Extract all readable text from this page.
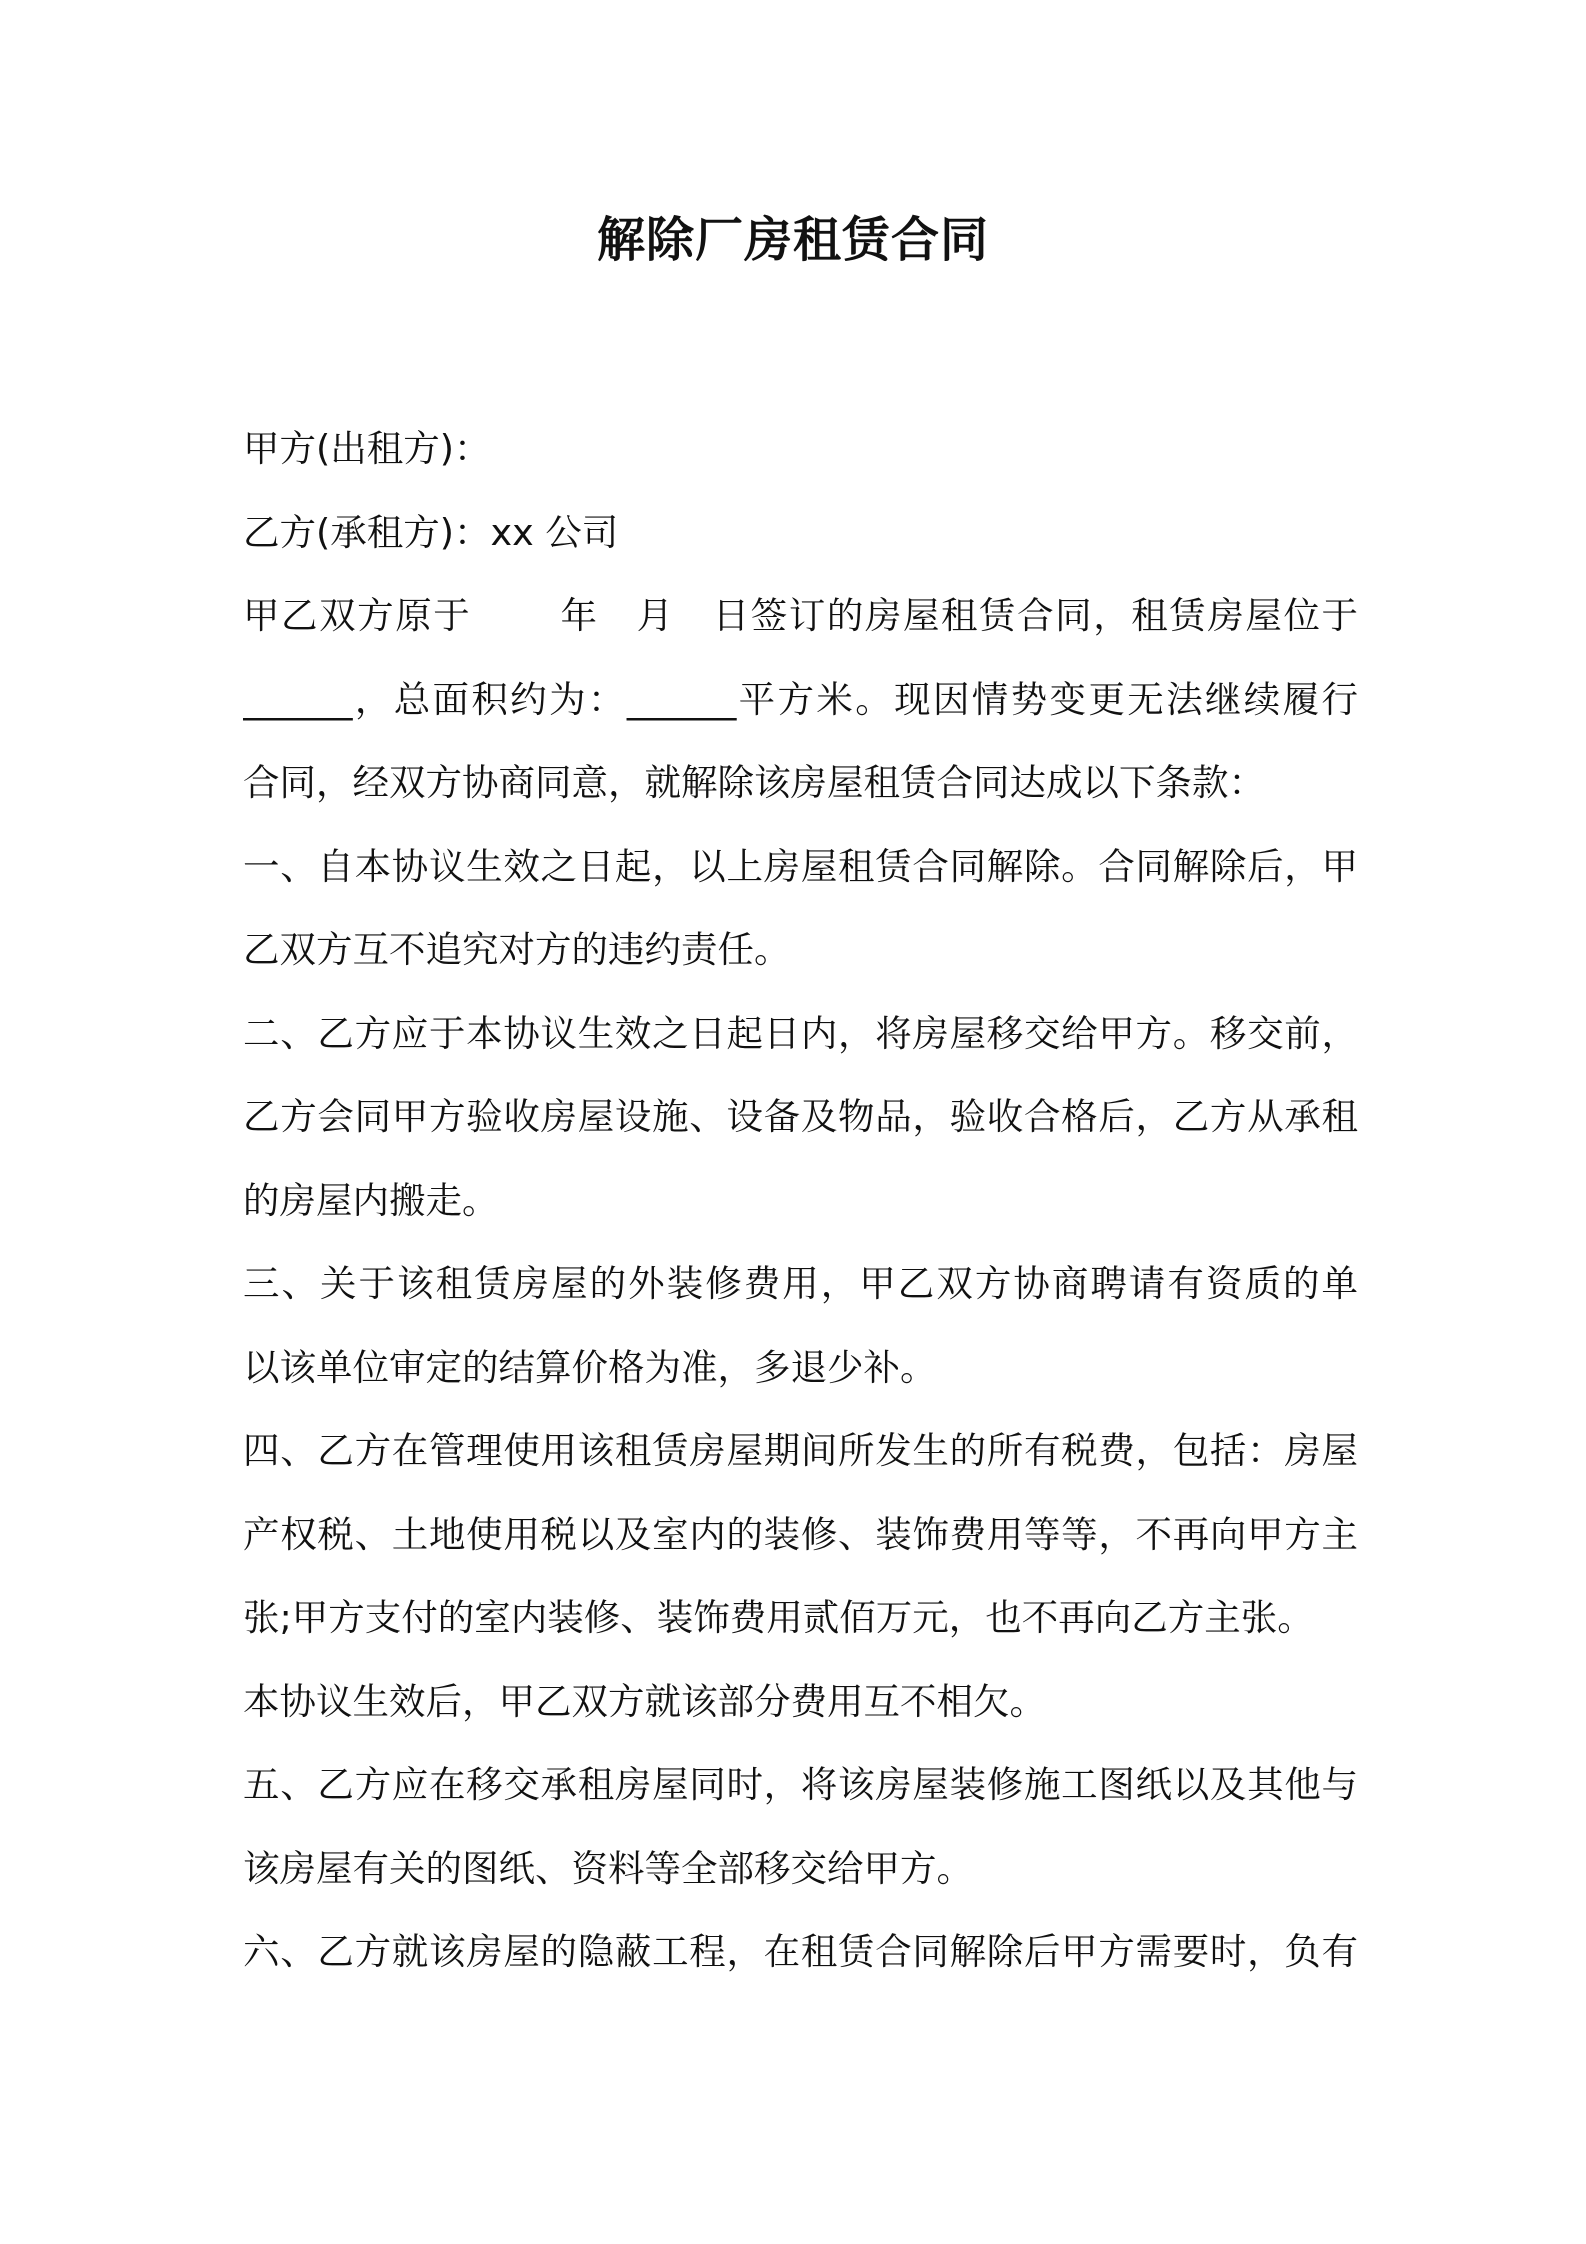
解除厂房租赁合同
甲方(出租方)：
乙方(承租方)：xx 公司
甲乙双方原于 　　年　月　日签订的房屋租赁合同，租赁房屋位于
______，总面积约为：______平方米。现因情势变更无法继续履行
合同，经双方协商同意，就解除该房屋租赁合同达成以下条款：
一、自本协议生效之日起，以上房屋租赁合同解除。合同解除后，甲
乙双方互不追究对方的违约责任。
二、乙方应于本协议生效之日起日内，将房屋移交给甲方。移交前，
乙方会同甲方验收房屋设施、设备及物品，验收合格后，乙方从承租
的房屋内搬走。
三、关于该租赁房屋的外装修费用，甲乙双方协商聘请有资质的单
以该单位审定的结算价格为准，多退少补。
四、乙方在管理使用该租赁房屋期间所发生的所有税费，包括：房屋
产权税、土地使用税以及室内的装修、装饰费用等等，不再向甲方主
张;甲方支付的室内装修、装饰费用贰佰万元，也不再向乙方主张。
本协议生效后，甲乙双方就该部分费用互不相欠。
五、乙方应在移交承租房屋同时，将该房屋装修施工图纸以及其他与
该房屋有关的图纸、资料等全部移交给甲方。
六、乙方就该房屋的隐蔽工程，在租赁合同解除后甲方需要时，负有
